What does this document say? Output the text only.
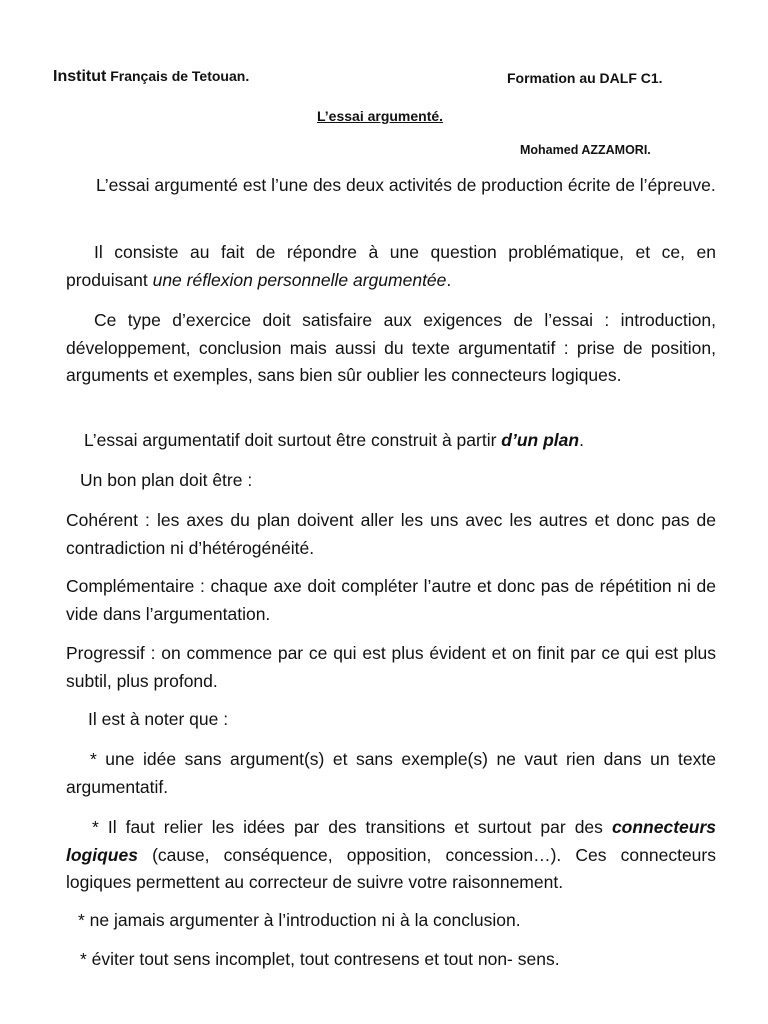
Institut Français de Tetouan.	Formation au DALF C1.
L’essai argumenté.
Mohamed AZZAMORI.

L’essai argumenté est l’une des deux activités de production écrite de l’épreuve.

Il consiste au fait de répondre à une question problématique, et ce, en produisant une réflexion personnelle argumentée.

Ce type d’exercice doit satisfaire aux exigences de l’essai : introduction, développement, conclusion mais aussi du texte argumentatif : prise de position, arguments et exemples, sans bien sûr oublier les connecteurs logiques.

L’essai argumentatif doit surtout être construit à partir d’un plan.

Un bon plan doit être :

Cohérent : les axes du plan doivent aller les uns avec les autres et donc pas de contradiction ni d’hétérogénéité.

Complémentaire : chaque axe doit compléter l’autre et donc pas de répétition ni de vide dans l’argumentation.

Progressif : on commence par ce qui est plus évident et on finit par ce qui est plus subtil, plus profond.

Il est à noter que :

* une idée sans argument(s) et sans exemple(s) ne vaut rien dans un texte argumentatif.

* Il faut relier les idées par des transitions et surtout par des connecteurs logiques (cause, conséquence, opposition, concession…). Ces connecteurs logiques permettent au correcteur de suivre votre raisonnement.

* ne jamais argumenter à l’introduction ni à la conclusion.

* éviter tout sens incomplet, tout contresens et tout non- sens.
